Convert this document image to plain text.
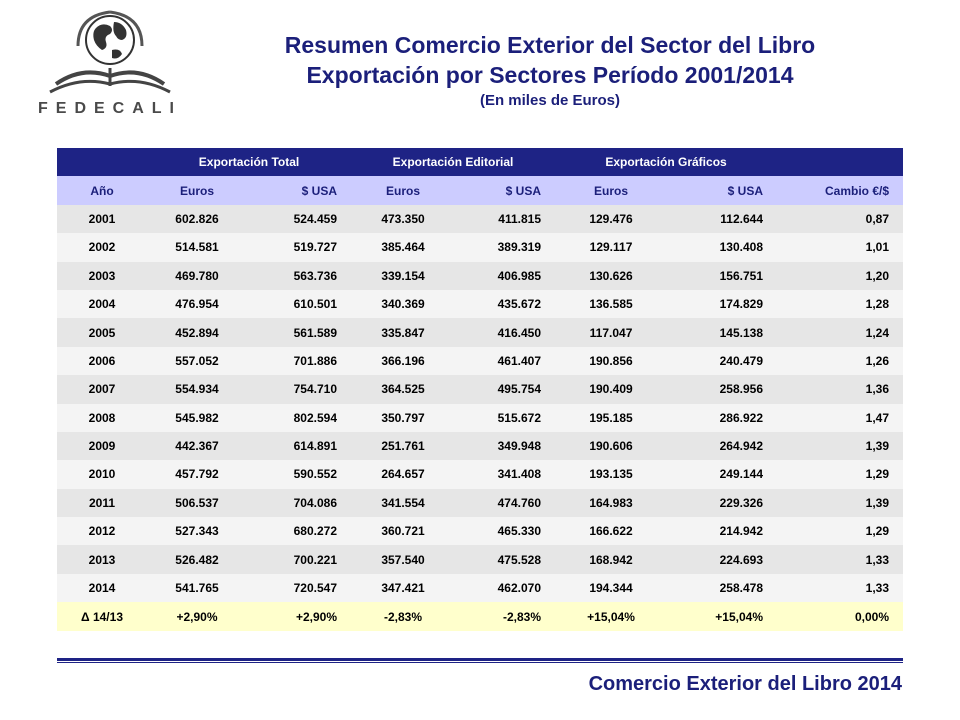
FEDECALI
Resumen Comercio Exterior del Sector del Libro
Exportación por Sectores Período 2001/2014
(En miles de Euros)
	Exportación Total		Exportación Editorial		Exportación Gráficos		
Año	Euros	$ USA	Euros	$ USA	Euros	$ USA	Cambio €/$
2001	602.826	524.459	473.350	411.815	129.476	112.644	0,87
2002	514.581	519.727	385.464	389.319	129.117	130.408	1,01
2003	469.780	563.736	339.154	406.985	130.626	156.751	1,20
2004	476.954	610.501	340.369	435.672	136.585	174.829	1,28
2005	452.894	561.589	335.847	416.450	117.047	145.138	1,24
2006	557.052	701.886	366.196	461.407	190.856	240.479	1,26
2007	554.934	754.710	364.525	495.754	190.409	258.956	1,36
2008	545.982	802.594	350.797	515.672	195.185	286.922	1,47
2009	442.367	614.891	251.761	349.948	190.606	264.942	1,39
2010	457.792	590.552	264.657	341.408	193.135	249.144	1,29
2011	506.537	704.086	341.554	474.760	164.983	229.326	1,39
2012	527.343	680.272	360.721	465.330	166.622	214.942	1,29
2013	526.482	700.221	357.540	475.528	168.942	224.693	1,33
2014	541.765	720.547	347.421	462.070	194.344	258.478	1,33
Δ 14/13	+2,90%	+2,90%	-2,83%	-2,83%	+15,04%	+15,04%	0,00%
Comercio Exterior del Libro 2014
